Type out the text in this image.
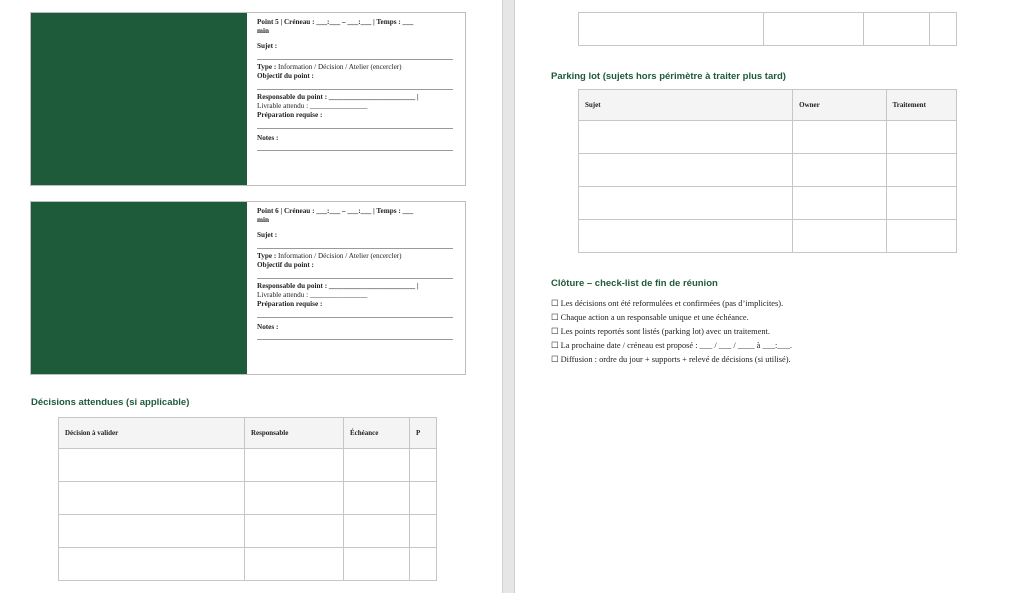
Point 5 | Créneau : ___:___ – ___:___ | Temps : ___
min
Sujet :
Type : Information / Décision / Atelier (encercler)
Objectif du point :
Responsable du point : ________________________ |
Livrable attendu : ________________
Préparation requise :
Notes :
Point 6 | Créneau : ___:___ – ___:___ | Temps : ___
min
Sujet :
Type : Information / Décision / Atelier (encercler)
Objectif du point :
Responsable du point : ________________________ |
Livrable attendu : ________________
Préparation requise :
Notes :
Décisions attendues (si applicable)
Décision à valider	Responsable	Échéance	P

Parking lot (sujets hors périmètre à traiter plus tard)
Sujet	Owner	Traitement

Clôture – check-list de fin de réunion
☐ Les décisions ont été reformulées et confirmées (pas d’implicites).
☐ Chaque action a un responsable unique et une échéance.
☐ Les points reportés sont listés (parking lot) avec un traitement.
☐ La prochaine date / créneau est proposé : ___ / ___ / ____ à ___:___.
☐ Diffusion : ordre du jour + supports + relevé de décisions (si utilisé).
